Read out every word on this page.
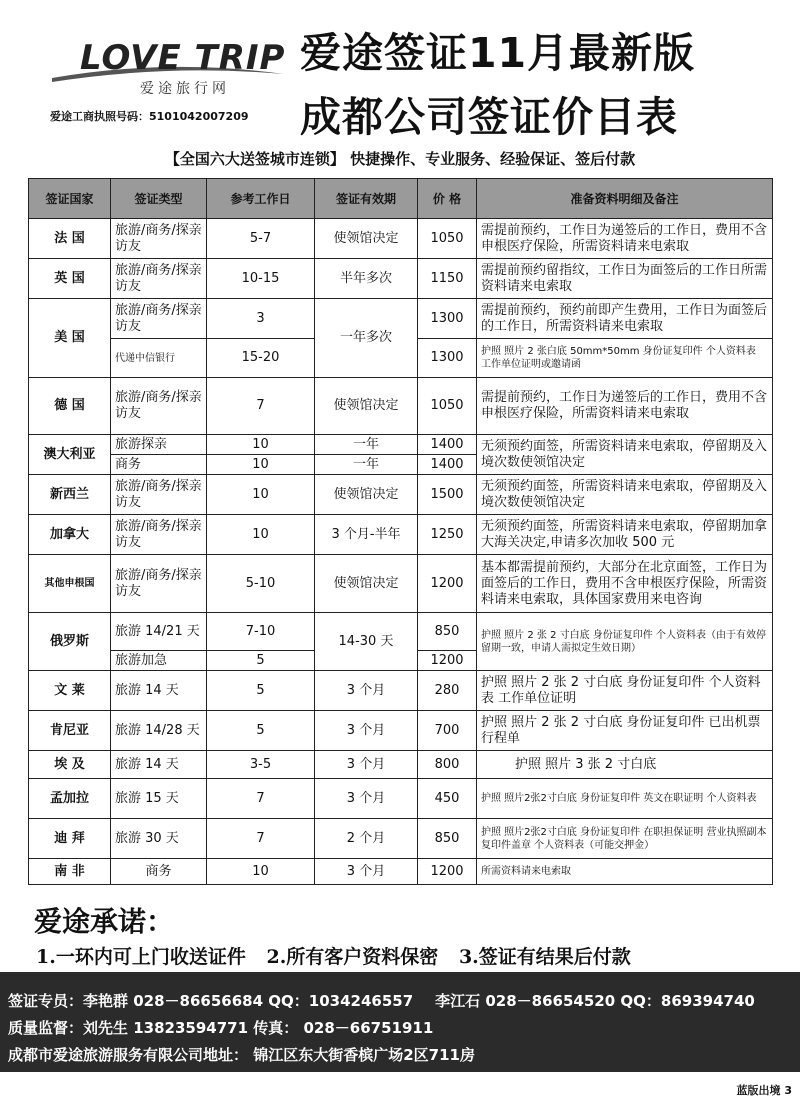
LOVE TRIP
爱途旅行网
爱途工商执照号码：5101042007209
爱途签证11月最新版
成都公司签证价目表
【全国六大送签城市连锁】 快捷操作、专业服务、经验保证、签后付款
签证国家	签证类型	参考工作日	签证有效期	价 格	准备资料明细及备注
法 国	旅游/商务/探亲访友	5-7	使领馆决定	1050	需提前预约，工作日为递签后的工作日，费用不含申根医疗保险，所需资料请来电索取
英 国	旅游/商务/探亲访友	10-15	半年多次	1150	需提前预约留指纹，工作日为面签后的工作日所需资料请来电索取
美 国	旅游/商务/探亲访友	3	一年多次	1300	需提前预约，预约前即产生费用，工作日为面签后的工作日，所需资料请来电索取
	代递中信银行	15-20		1300	护照 照片 2 张白底 50mm*50mm 身份证复印件 个人资料表 工作单位证明或邀请函
德 国	旅游/商务/探亲访友	7	使领馆决定	1050	需提前预约，工作日为递签后的工作日，费用不含申根医疗保险，所需资料请来电索取
澳大利亚	旅游探亲	10	一年	1400	无须预约面签，所需资料请来电索取，停留期及入境次数使领馆决定
	商务	10	一年	1400	
新西兰	旅游/商务/探亲访友	10	使领馆决定	1500	无须预约面签，所需资料请来电索取，停留期及入境次数使领馆决定
加拿大	旅游/商务/探亲访友	10	3 个月-半年	1250	无须预约面签，所需资料请来电索取，停留期加拿大海关决定,申请多次加收 500 元
其他申根国	旅游/商务/探亲访友	5-10	使领馆决定	1200	基本都需提前预约，大部分在北京面签，工作日为面签后的工作日，费用不含申根医疗保险，所需资料请来电索取，具体国家费用来电咨询
俄罗斯	旅游 14/21 天	7-10	14-30 天	850	护照 照片 2 张 2 寸白底 身份证复印件 个人资料表（由于有效停留期一致，申请人需拟定生效日期）
	旅游加急	5		1200	
文 莱	旅游 14 天	5	3 个月	280	护照 照片 2 张 2 寸白底 身份证复印件 个人资料表 工作单位证明
肯尼亚	旅游 14/28 天	5	3 个月	700	护照 照片 2 张 2 寸白底 身份证复印件 已出机票行程单
埃 及	旅游 14 天	3-5	3 个月	800	护照 照片 3 张 2 寸白底
孟加拉	旅游 15 天	7	3 个月	450	护照 照片2张2寸白底 身份证复印件 英文在职证明 个人资料表
迪 拜	旅游 30 天	7	2 个月	850	护照 照片2张2寸白底 身份证复印件 在职担保证明 营业执照副本复印件盖章 个人资料表（可能交押金）
南 非	商务	10	3 个月	1200	所需资料请来电索取
爱途承诺：
1.一环内可上门收送证件 2.所有客户资料保密 3.签证有结果后付款
签证专员：李艳群 028－86656684 QQ：1034246557 李江石 028－86654520 QQ：869394740
质量监督：刘先生 13823594771 传真： 028－66751911
成都市爱途旅游服务有限公司地址： 锦江区东大街香槟广场2区711房
蓝版出境 3
